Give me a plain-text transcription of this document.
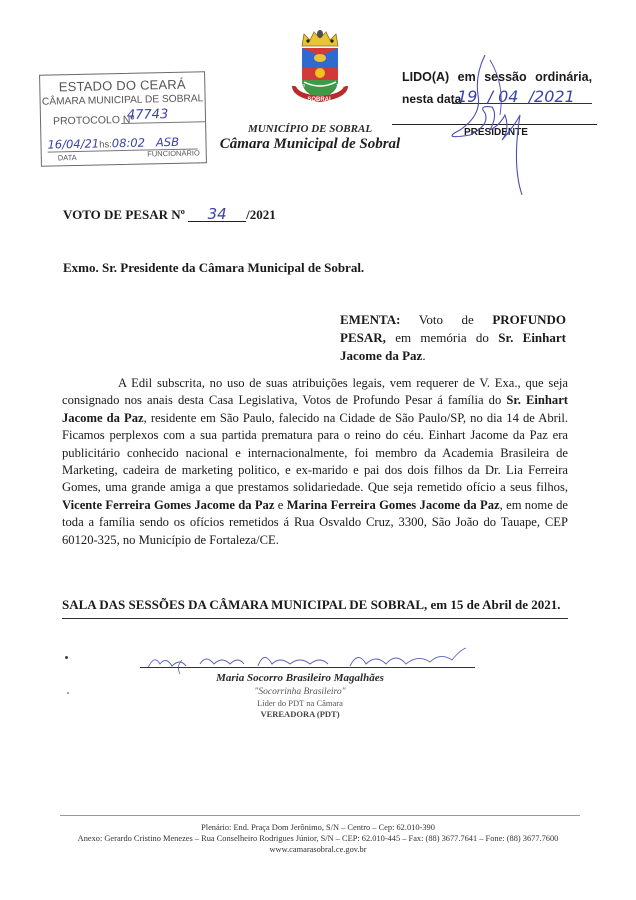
ESTADO DO CEARÁ
CÂMARA MUNICIPAL DE SOBRAL
PROTOCOLO Nº
47743
16/04/21hs:08:02 ASB
DATA	FUNCIONÁRIO
1773	1841
SOBRAL
MUNICÍPIO DE SOBRAL
Câmara Municipal de Sobral
LIDO(A) em sessão ordinária,
nesta data
19  / 04  /2021
PRESIDENTE
VOTO DE PESAR Nº 34 /2021
Exmo. Sr. Presidente da Câmara Municipal de Sobral.
EMENTA: Voto de PROFUNDO PESAR, em memória do Sr. Einhart Jacome da Paz.
A Edil subscrita, no uso de suas atribuições legais, vem requerer de V. Exa., que seja consignado nos anais desta Casa Legislativa, Votos de Profundo Pesar á família do Sr. Einhart Jacome da Paz, residente em São Paulo, falecido na Cidade de São Paulo/SP, no dia 14 de Abril. Ficamos perplexos com a sua partida prematura para o reino do céu. Einhart Jacome da Paz era publicitário conhecido nacional e internacionalmente, foi membro da Academia Brasileira de Marketing, cadeira de marketing politico, e ex-marido e pai dos dois filhos da Dr. Lia Ferreira Gomes, uma grande amiga a que prestamos solidariedade. Que seja remetido ofício a seus filhos, Vicente Ferreira Gomes Jacome da Paz e Marina Ferreira Gomes Jacome da Paz, em nome de toda a família sendo os ofícios remetidos á Rua Osvaldo Cruz, 3300, São João do Tauape, CEP 60120-325, no Município de Fortaleza/CE.
SALA DAS SESSÕES DA CÂMARA MUNICIPAL DE SOBRAL, em 15 de Abril de 2021.
Maria Socorro Brasileiro Magalhães
"Socorrinha Brasileiro"
Líder do PDT na Câmara
VEREADORA (PDT)
Plenário: End. Praça Dom Jerônimo, S/N – Centro – Cep: 62.010-390
Anexo: Gerardo Cristino Menezes – Rua Conselheiro Rodrigues Júnior, S/N – CEP: 62.010-445 – Fax: (88) 3677.7641 – Fone: (88) 3677.7600
www.camarasobral.ce.gov.br
